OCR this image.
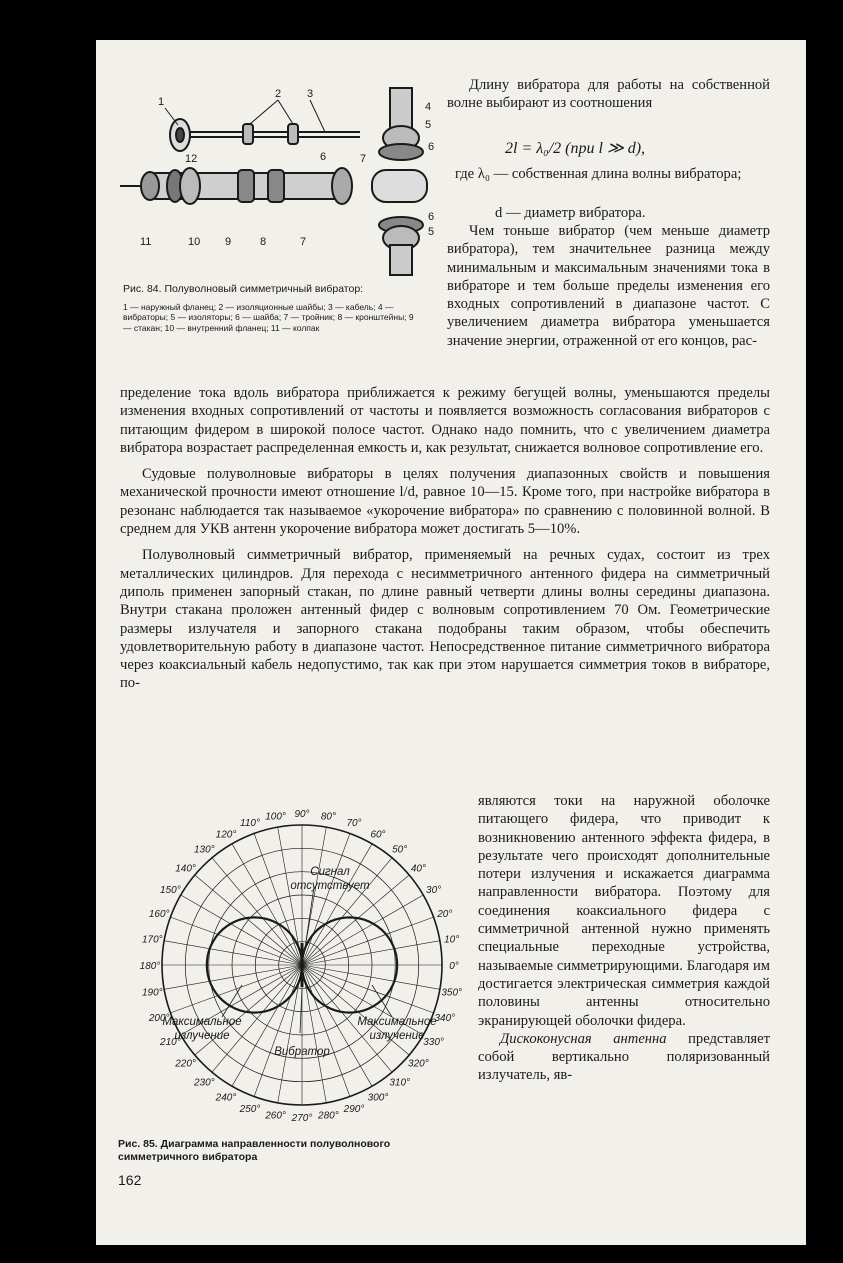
1
2 3
4
5
6
7
12	6
11	10 9	8	7
6
5
Рис. 84. Полуволновый симметричный вибратор:
1 — наружный фланец; 2 — изоляционные шайбы; 3 — кабель; 4 — вибраторы; 5 — изоляторы; 6 — шайба; 7 — тройник; 8 — кронштейны; 9 — стакан; 10 — внутренний фланец; 11 — колпак

Длину вибратора для работы на собственной волне выбирают из соотношения

2l = λ₀/2 (при l ≫ d),
где λ₀ — собственная длина волны вибратора;
d — диаметр вибратора.

Чем тоньше вибратор (чем меньше диаметр вибратора), тем значительнее разница между минимальным и максимальным значениями тока в вибраторе и тем больше пределы изменения его входных сопротивлений в диапазоне частот. С увеличением диаметра вибратора уменьшается значение энергии, отраженной от его концов, рас-

пределение тока вдоль вибратора приближается к режиму бегущей волны, уменьшаются пределы изменения входных сопротивлений от частоты и появляется возможность согласования вибраторов с питающим фидером в широкой полосе частот. Однако надо помнить, что с увеличением диаметра вибратора возрастает распределенная емкость и, как результат, снижается волновое сопротивление его.

Судовые полуволновые вибраторы в целях получения диапазонных свойств и повышения механической прочности имеют отношение l/d, равное 10—15. Кроме того, при настройке вибратора в резонанс наблюдается так называемое «укорочение вибратора» по сравнению с половинной волной. В среднем для УКВ антенн укорочение вибратора может достигать 5—10%.

Полуволновый симметричный вибратор, применяемый на речных судах, состоит из трех металлических цилиндров. Для перехода с несимметричного антенного фидера на симметричный диполь применен запорный стакан, по длине равный четверти длины волны середины диапазона. Внутри стакана проложен антенный фидер с волновым сопротивлением 70 Ом. Геометрические размеры излучателя и запорного стакана подобраны таким образом, чтобы обеспечить удовлетворительную работу в диапазоне частот. Непосредственное питание симметричного вибратора через коаксиальный кабель недопустимо, так как при этом нарушается симметрия токов в вибраторе, по-

0°
10°
20°
30°
40°
50°
60°
70°
80°
90°
100°
110°
120°
130°
140°
150°
160°
170°
180°
190°
200°
210°
220°
230°
240°
250°
260° 270° 280°
290°
300°
310°
320°
330°
340°
350°
Сигнал
отсутствует
Максимальное
излучение
Максимальное
излучение
Вибратор
Рис. 85. Диаграмма направленности полуволнового симметричного вибратора

являются токи на наружной оболочке питающего фидера, что приводит к возникновению антенного эффекта фидера, в результате чего происходят дополнительные потери излучения и искажается диаграмма направленности вибратора. Поэтому для соединения коаксиального фидера с симметричной антенной нужно применять специальные переходные устройства, называемые симметрирующими. Благодаря им достигается электрическая симметрия каждой половины антенны относительно экранирующей оболочки фидера.

Дискоконусная антенна представляет собой вертикально поляризованный излучатель, яв-

162
